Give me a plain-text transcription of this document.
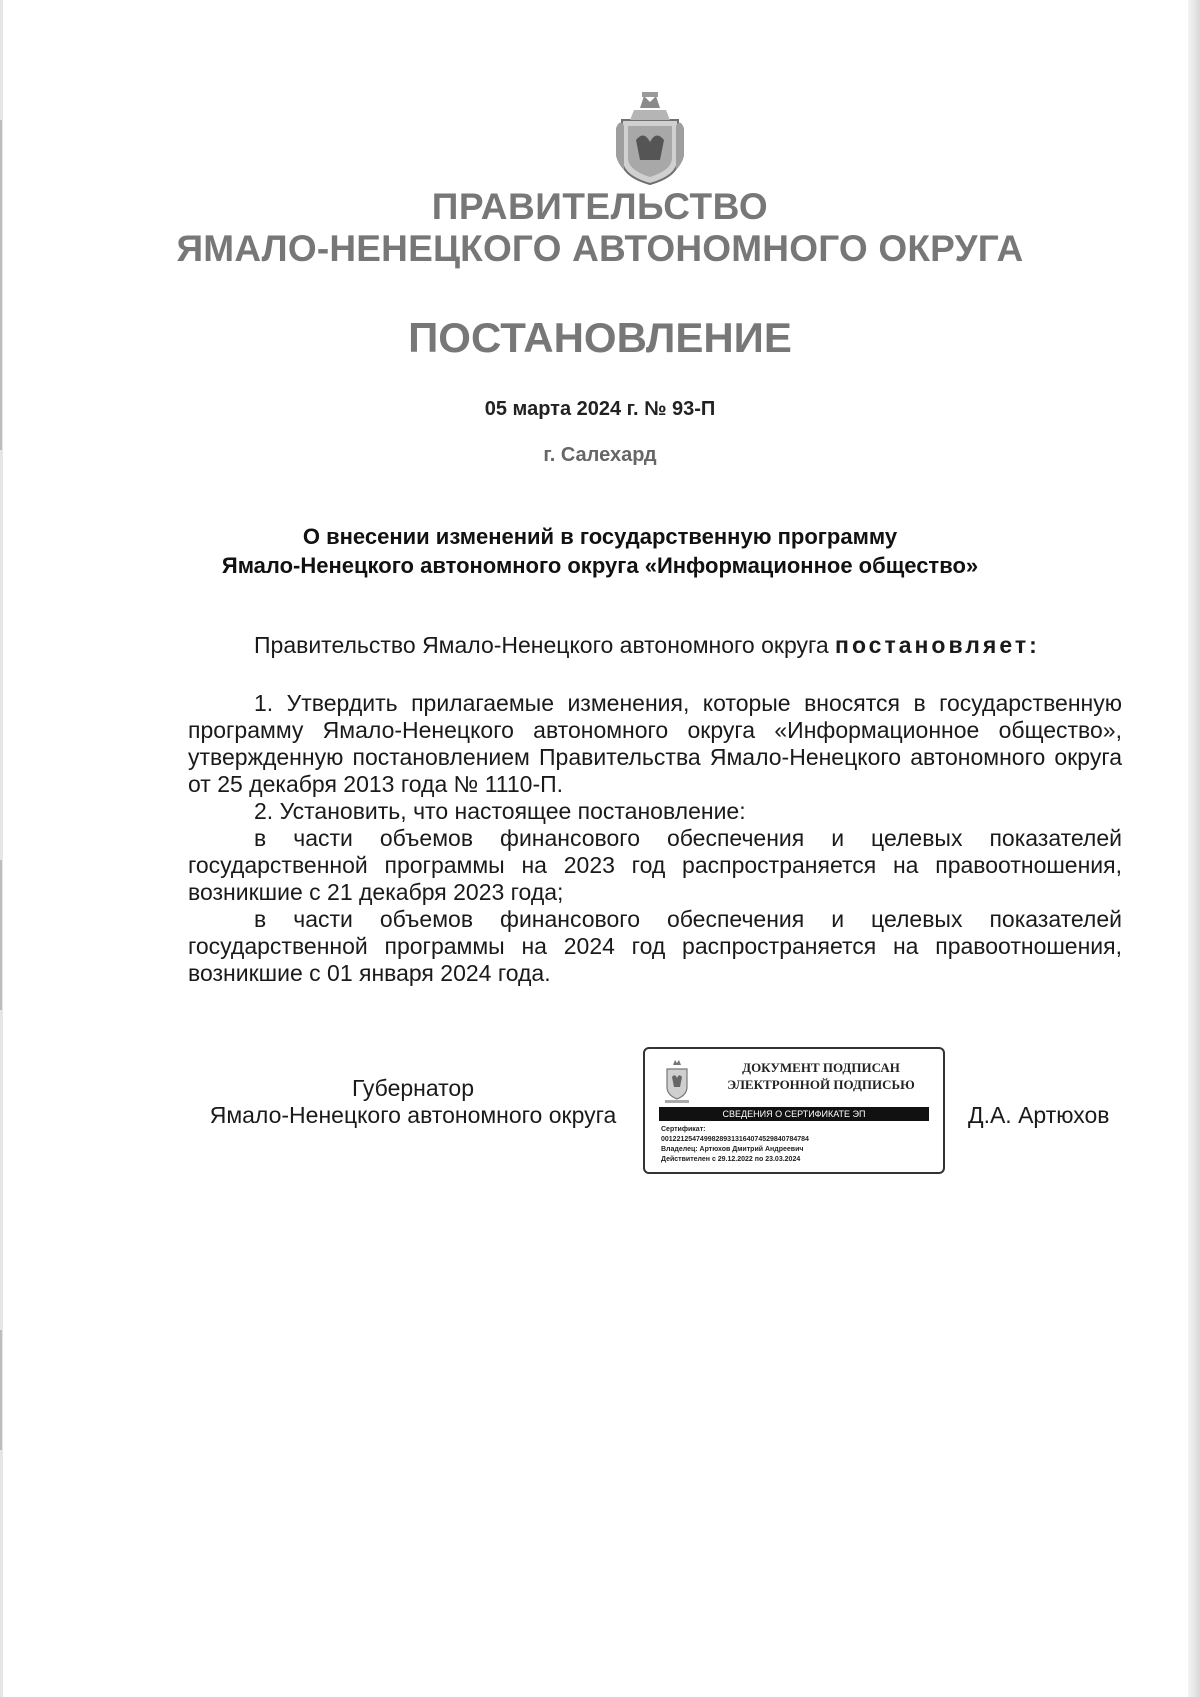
ПРАВИТЕЛЬСТВО
ЯМАЛО-НЕНЕЦКОГО АВТОНОМНОГО ОКРУГА
ПОСТАНОВЛЕНИЕ
05 марта 2024 г. № 93-П
г. Салехард
О внесении изменений в государственную программу
Ямало-Ненецкого автономного округа «Информационное общество»

Правительство Ямало-Ненецкого автономного округа постановляет:

1. Утвердить прилагаемые изменения, которые вносятся в государственную программу Ямало-Ненецкого автономного округа «Информационное общество», утвержденную постановлением Правительства Ямало-Ненецкого автономного округа от 25 декабря 2013 года № 1110-П.

2. Установить, что настоящее постановление:

в части объемов финансового обеспечения и целевых показателей государственной программы на 2023 год распространяется на правоотношения, возникшие с 21 декабря 2023 года;

в части объемов финансового обеспечения и целевых показателей государственной программы на 2024 год распространяется на правоотношения, возникшие с 01 января 2024 года.

Губернатор
Ямало-Ненецкого автономного округа
ДОКУМЕНТ ПОДПИСАН
ЭЛЕКТРОННОЙ ПОДПИСЬЮ
СВЕДЕНИЯ О СЕРТИФИКАТЕ ЭП
Сертификат:
00122125474998289313164074529840784784
Владелец: Артюхов Дмитрий Андреевич
Действителен с 29.12.2022 по 23.03.2024
Д.А. Артюхов
